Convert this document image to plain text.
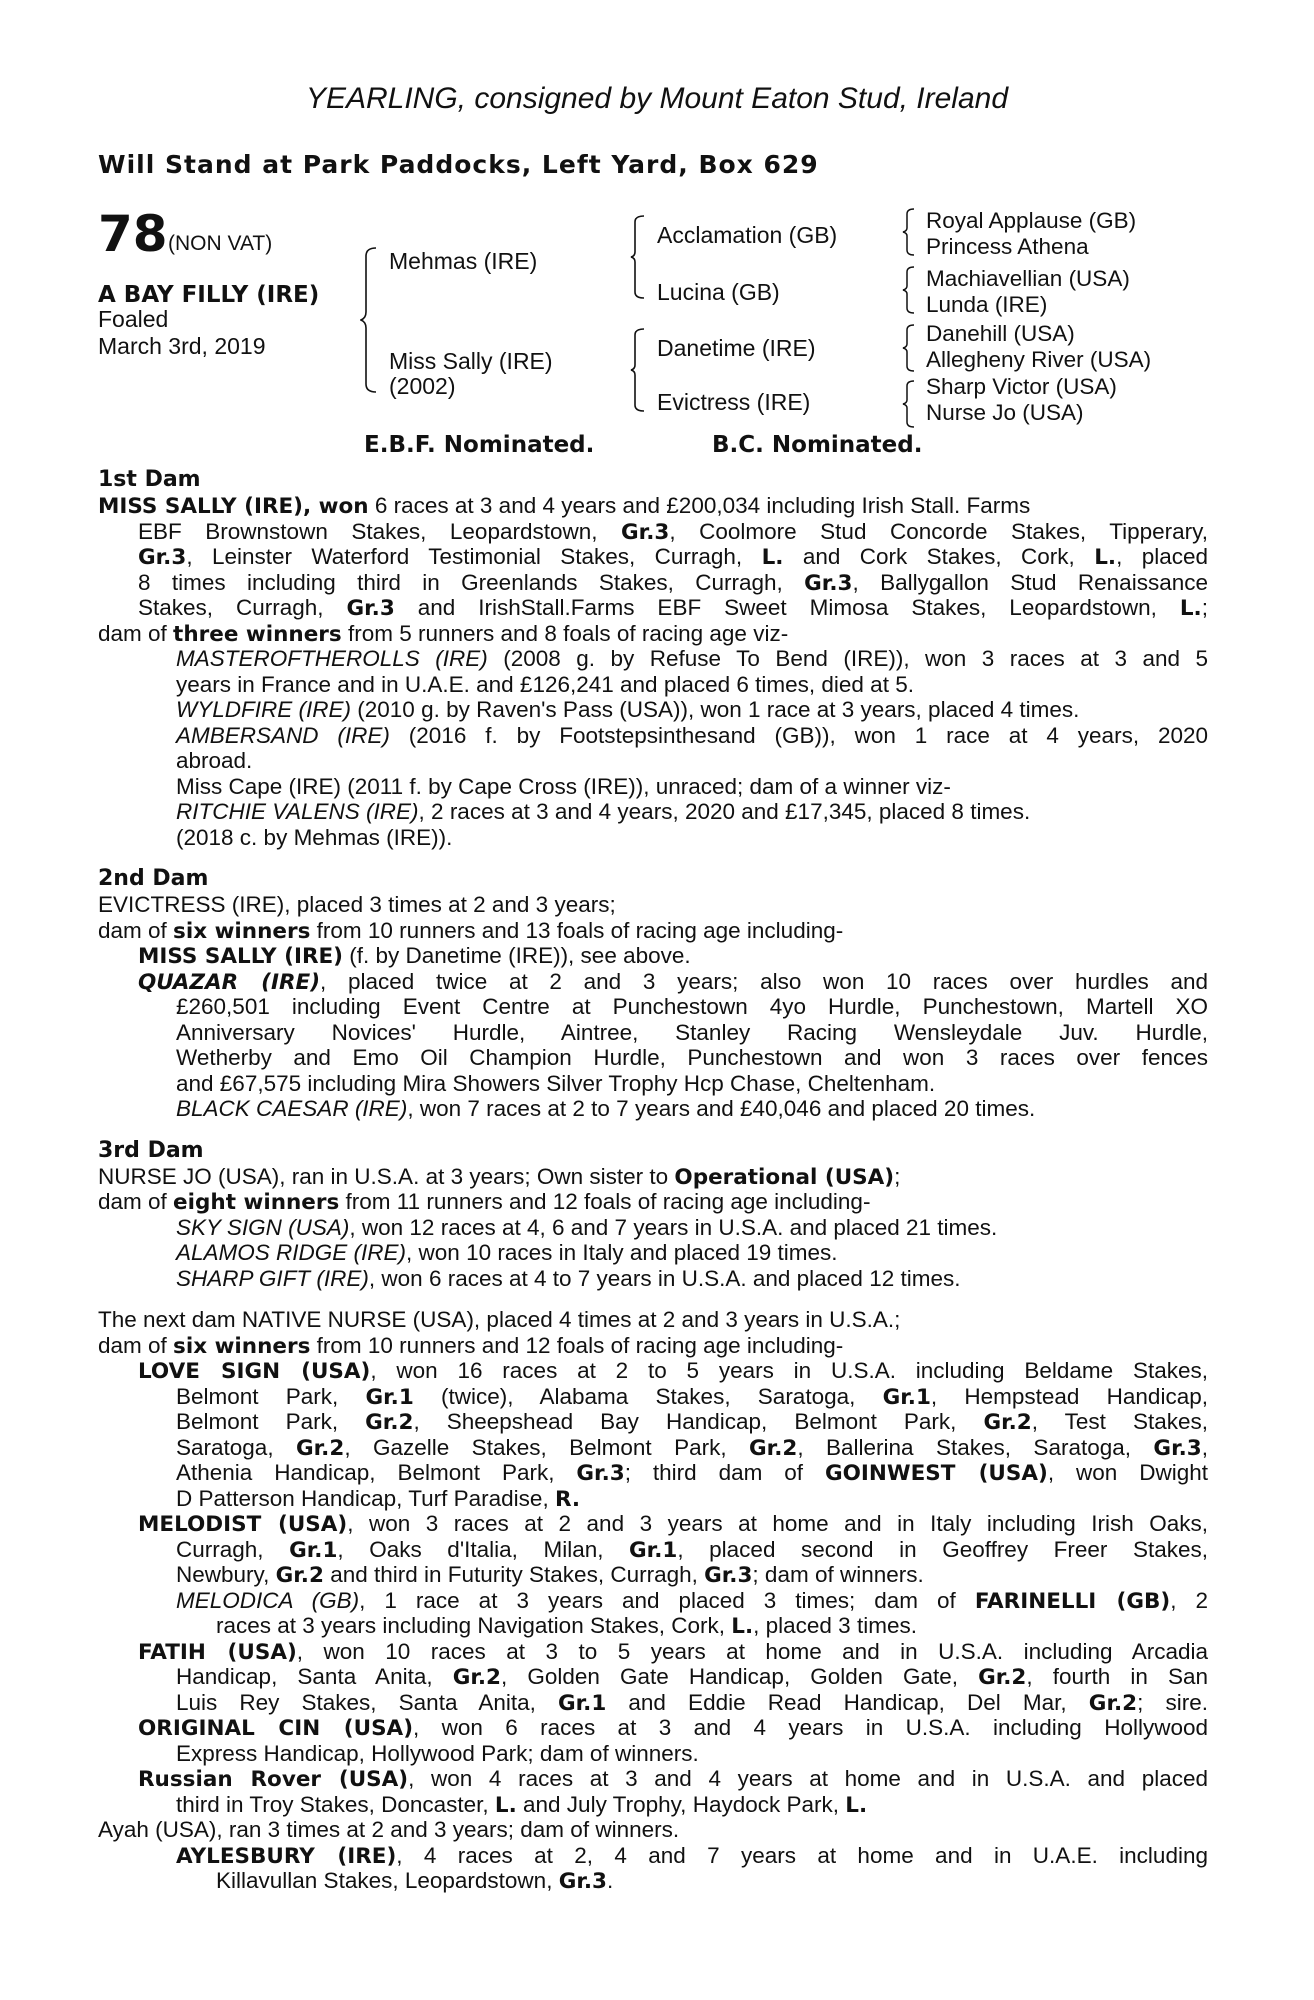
YEARLING, consigned by Mount Eaton Stud, Ireland
Will Stand at Park Paddocks, Left Yard, Box 629
78 (NON VAT)
A BAY FILLY (IRE)
Foaled
March 3rd, 2019
Mehmas (IRE)
Miss Sally (IRE)
(2002)
Acclamation (GB)
Lucina (GB)
Danetime (IRE)
Evictress (IRE)
Royal Applause (GB)
Princess Athena
Machiavellian (USA)
Lunda (IRE)
Danehill (USA)
Allegheny River (USA)
Sharp Victor (USA)
Nurse Jo (USA)
E.B.F. Nominated.	B.C. Nominated.
1st Dam
MISS SALLY (IRE), won 6 races at 3 and 4 years and £200,034 including Irish Stall. Farms
EBF Brownstown Stakes, Leopardstown, Gr.3, Coolmore Stud Concorde Stakes, Tipperary,
Gr.3, Leinster Waterford Testimonial Stakes, Curragh, L. and Cork Stakes, Cork, L., placed
8 times including third in Greenlands Stakes, Curragh, Gr.3, Ballygallon Stud Renaissance
Stakes, Curragh, Gr.3 and IrishStall.Farms EBF Sweet Mimosa Stakes, Leopardstown, L.;
dam of three winners from 5 runners and 8 foals of racing age viz-
MASTEROFTHEROLLS (IRE) (2008 g. by Refuse To Bend (IRE)), won 3 races at 3 and 5
years in France and in U.A.E. and £126,241 and placed 6 times, died at 5.
WYLDFIRE (IRE) (2010 g. by Raven's Pass (USA)), won 1 race at 3 years, placed 4 times.
AMBERSAND (IRE) (2016 f. by Footstepsinthesand (GB)), won 1 race at 4 years, 2020
abroad.
Miss Cape (IRE) (2011 f. by Cape Cross (IRE)), unraced; dam of a winner viz-
RITCHIE VALENS (IRE), 2 races at 3 and 4 years, 2020 and £17,345, placed 8 times.
(2018 c. by Mehmas (IRE)).
2nd Dam
EVICTRESS (IRE), placed 3 times at 2 and 3 years;
dam of six winners from 10 runners and 13 foals of racing age including-
MISS SALLY (IRE) (f. by Danetime (IRE)), see above.
QUAZAR (IRE), placed twice at 2 and 3 years; also won 10 races over hurdles and
£260,501 including Event Centre at Punchestown 4yo Hurdle, Punchestown, Martell XO
Anniversary Novices' Hurdle, Aintree, Stanley Racing Wensleydale Juv. Hurdle,
Wetherby and Emo Oil Champion Hurdle, Punchestown and won 3 races over fences
and £67,575 including Mira Showers Silver Trophy Hcp Chase, Cheltenham.
BLACK CAESAR (IRE), won 7 races at 2 to 7 years and £40,046 and placed 20 times.
3rd Dam
NURSE JO (USA), ran in U.S.A. at 3 years; Own sister to Operational (USA);
dam of eight winners from 11 runners and 12 foals of racing age including-
SKY SIGN (USA), won 12 races at 4, 6 and 7 years in U.S.A. and placed 21 times.
ALAMOS RIDGE (IRE), won 10 races in Italy and placed 19 times.
SHARP GIFT (IRE), won 6 races at 4 to 7 years in U.S.A. and placed 12 times.
The next dam NATIVE NURSE (USA), placed 4 times at 2 and 3 years in U.S.A.;
dam of six winners from 10 runners and 12 foals of racing age including-
LOVE SIGN (USA), won 16 races at 2 to 5 years in U.S.A. including Beldame Stakes,
Belmont Park, Gr.1 (twice), Alabama Stakes, Saratoga, Gr.1, Hempstead Handicap,
Belmont Park, Gr.2, Sheepshead Bay Handicap, Belmont Park, Gr.2, Test Stakes,
Saratoga, Gr.2, Gazelle Stakes, Belmont Park, Gr.2, Ballerina Stakes, Saratoga, Gr.3,
Athenia Handicap, Belmont Park, Gr.3; third dam of GOINWEST (USA), won Dwight
D Patterson Handicap, Turf Paradise, R.
MELODIST (USA), won 3 races at 2 and 3 years at home and in Italy including Irish Oaks,
Curragh, Gr.1, Oaks d'Italia, Milan, Gr.1, placed second in Geoffrey Freer Stakes,
Newbury, Gr.2 and third in Futurity Stakes, Curragh, Gr.3; dam of winners.
MELODICA (GB), 1 race at 3 years and placed 3 times; dam of FARINELLI (GB), 2
races at 3 years including Navigation Stakes, Cork, L., placed 3 times.
FATIH (USA), won 10 races at 3 to 5 years at home and in U.S.A. including Arcadia
Handicap, Santa Anita, Gr.2, Golden Gate Handicap, Golden Gate, Gr.2, fourth in San
Luis Rey Stakes, Santa Anita, Gr.1 and Eddie Read Handicap, Del Mar, Gr.2; sire.
ORIGINAL CIN (USA), won 6 races at 3 and 4 years in U.S.A. including Hollywood
Express Handicap, Hollywood Park; dam of winners.
Russian Rover (USA), won 4 races at 3 and 4 years at home and in U.S.A. and placed
third in Troy Stakes, Doncaster, L. and July Trophy, Haydock Park, L.
Ayah (USA), ran 3 times at 2 and 3 years; dam of winners.
AYLESBURY (IRE), 4 races at 2, 4 and 7 years at home and in U.A.E. including
Killavullan Stakes, Leopardstown, Gr.3.
